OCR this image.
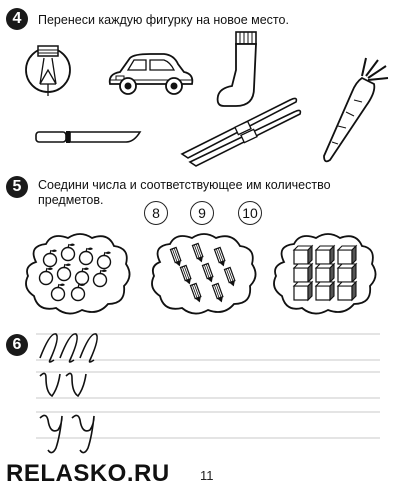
4 Перенеси каждую фигурку на новое место.
5 Соедини числа и соответствующее им количество
предметов.
8	9	10
6
RELASKO.RU 11
